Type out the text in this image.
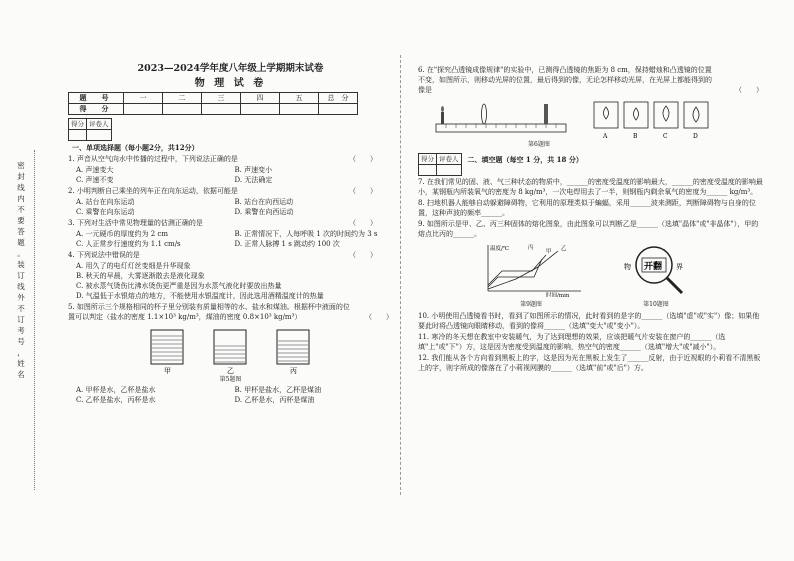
密
封
线
内
不
要
答
题
。
装
订
线
外
不
订
考
号
，
姓
名
2023—2024学年度八年级上学期期末试卷
物 理 试 卷
题　号	一	二	三	四	五	总　分
得　分						
得分	评卷人

一、单项选择题（每小题2分，共12分）
1. 声音从空气向水中传播的过程中，下列说法正确的是	（　　）
A. 声速变大	B. 声速变小
C. 声速不变	D. 无法确定
2. 小明判断自己乘坐的列车正在向东运动，依据可能是	（　　）
A. 站台在向东运动	B. 站台在向西运动
C. 乘警在向东运动	D. 乘警在向西运动
3. 下列对生活中常见物理量的估测正确的是	（　　）
A. 一元硬币的厚度约为 2 cm	B. 正常情况下，人每呼吸 1 次的时间约为 3 s
C. 人正常步行速度约为 1.1 cm/s	D. 正常人脉搏 1 s 跳动约 100 次
4. 下列说法中错误的是	（　　）
A. 用久了的电灯灯丝变细是升华现象
B. 秋天的早晨，大雾逐渐散去是液化现象
C. 被水蒸气烫伤比沸水烫伤更严重是因为水蒸气液化时要放出热量
D. 气温低于水银熔点的地方，不能使用水银温度计，因此选用酒精温度计的热量
5. 如图所示三个规格相同的杯子里分别装有质量相等的水、盐水和煤油。根据杯中液面的位置可以判定（盐水的密度 1.1×10³ kg/m³，煤油的密度 0.8×10³ kg/m³）	（　　）
甲	乙	丙
第5题图
A. 甲杯是水，乙杯是盐水	B. 甲杯是盐水，乙杯是煤油
C. 乙杯是盐水，丙杯是水	D. 乙杯是水，丙杯是煤油
6. 在"探究凸透镜成像规律"的实验中，已测得凸透镜的焦距为 8 cm，保持蜡烛和凸透镜的位置不变，如图所示，则移动光屏的位置，最后得到的像，无论怎样移动光屏，在光屏上都能得到的像是	（　　）
A	B	C	D
第6题图
得分	评卷人
	二、填空题（每空 1 分，共 18 分）
7. 在我们常见的固、液、气三种状态的物质中，______的密度受温度的影响最大，______的密度受温度的影响最小，某钢瓶内所装氧气的密度为 8 kg/m³，一次电焊用去了一半，则钢瓶内剩余氧气的密度为______ kg/m³。
8. 扫地机器人能够自动躲避障碍物，它利用的原理类似于蝙蝠，采用______波来测距，判断障碍物与自身的位置，这种声波的频率______。
9. 如图所示是甲、乙、丙三种固体的熔化图象，由此图象可以判断乙是______（选填"晶体"或"非晶体"），甲的熔点比丙的______。
温度/℃
时间/min
甲
丙	乙
第9题图
开翻
物	界
第10题图
10. 小明使用凸透镜看书时，看到了如图所示的情况，此时看到的是字的______（选填"虚"或"实"）像；如果他要此时将凸透镜向眼睛移动，看到的像将______（选填"变大"或"变小"）。
11. 寒冷的冬天想在教室中安装暖气，为了达到理想的效果，应该把暖气片安装在窗户的______（选填"上"或"下"）方，这是因为密度受到温度的影响，热空气的密度______（选填"增大"或"减小"）。
12. 我们能从各个方向看到黑板上的字，这是因为光在黑板上发生了______反射，由于近视眼的小莉看不清黑板上的字，则字所成的像落在了小莉视网膜的______（选填"前"或"后"）方。
